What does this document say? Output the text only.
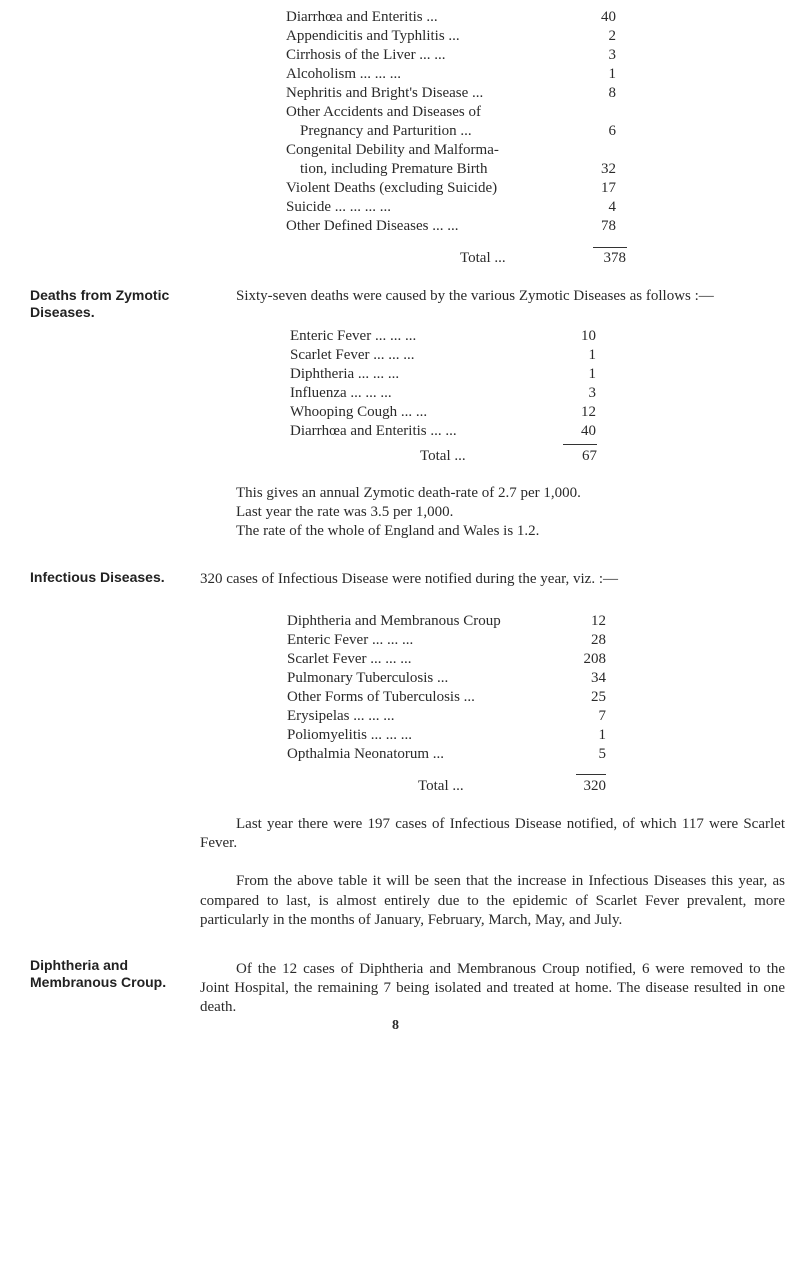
Diarrhœa and Enteritis ...	40
Appendicitis and Typhlitis ...	2
Cirrhosis of the Liver ... ...	3
Alcoholism ... ... ...	1
Nephritis and Bright's Disease ...	8
Other Accidents and Diseases of
Pregnancy and Parturition ...	6
Congenital Debility and Malforma-
tion, including Premature Birth	32
Violent Deaths (excluding Suicide)	17
Suicide ... ... ... ...	4
Other Defined Diseases ... ...	78
Total ...	378
Deaths from Zymotic Diseases.

Sixty-seven deaths were caused by the various Zymotic Diseases as follows :—

Enteric Fever ... ... ...	10
Scarlet Fever ... ... ...	1
Diphtheria ... ... ...	1
Influenza ... ... ...	3
Whooping Cough ... ...	12
Diarrhœa and Enteritis ... ...	40
Total ...	67
This gives an annual Zymotic death-rate of 2.7 per 1,000.
Last year the rate was 3.5 per 1,000.
The rate of the whole of England and Wales is 1.2.
Infectious Diseases.	320 cases of Infectious Disease were notified during the year, viz. :—
Diphtheria and Membranous Croup	12
Enteric Fever ... ... ...	28
Scarlet Fever ... ... ...	208
Pulmonary Tuberculosis ...	34
Other Forms of Tuberculosis ...	25
Erysipelas ... ... ...	7
Poliomyelitis ... ... ...	1
Opthalmia Neonatorum ...	5
Total ...	320

Last year there were 197 cases of Infectious Disease notified, of which 117 were Scarlet Fever.

From the above table it will be seen that the increase in Infectious Diseases this year, as compared to last, is almost entirely due to the epidemic of Scarlet Fever prevalent, more particularly in the months of January, February, March, May, and July.

Diphtheria and Membranous Croup.

Of the 12 cases of Diphtheria and Membranous Croup notified, 6 were removed to the Joint Hospital, the remaining 7 being isolated and treated at home. The disease resulted in one death.

8
